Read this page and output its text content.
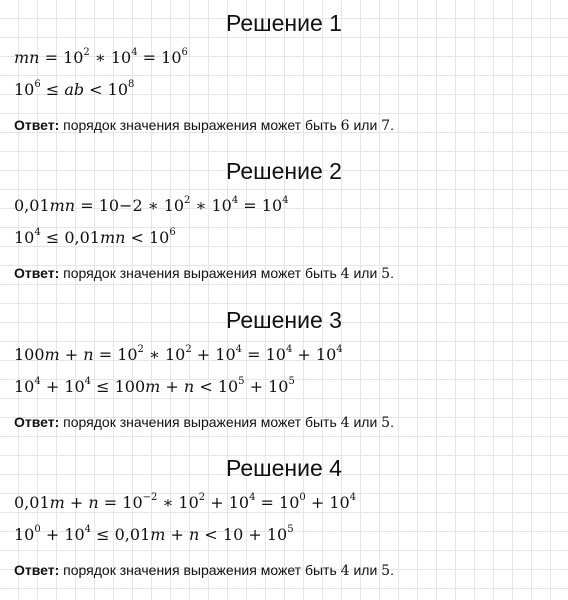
Решение 1
mn = $10^2$ ∗ $10^4 = 10^6$
$10^6$ ≤ ab < $10^8$
Ответ: порядок значения выражения может быть 6 или 7.
Решение 2
0,01mn = 10−2 ∗ $10^2$ ∗ $10^4 = 10^4$
$10^4 \le 0,01mn < 10^6$
Ответ: порядок значения выражения может быть 4 или 5.
Решение 3
$100m + n = 10^2$ ∗ $10^2 + 10^4 = 10^4 + 10^4$
$10^4 + 10^4 \le 100m + n < 10^5 + 10^5$
Ответ: порядок значения выражения может быть 4 или 5.
Решение 4
$0,01m + n = 10^{-2}$ ∗ $10^2 + 10^4 = 10^0 + 10^4$
$10^0 + 10^4 \le 0,01m + n < 10 + 10^5$
Ответ: порядок значения выражения может быть 4 или 5.
